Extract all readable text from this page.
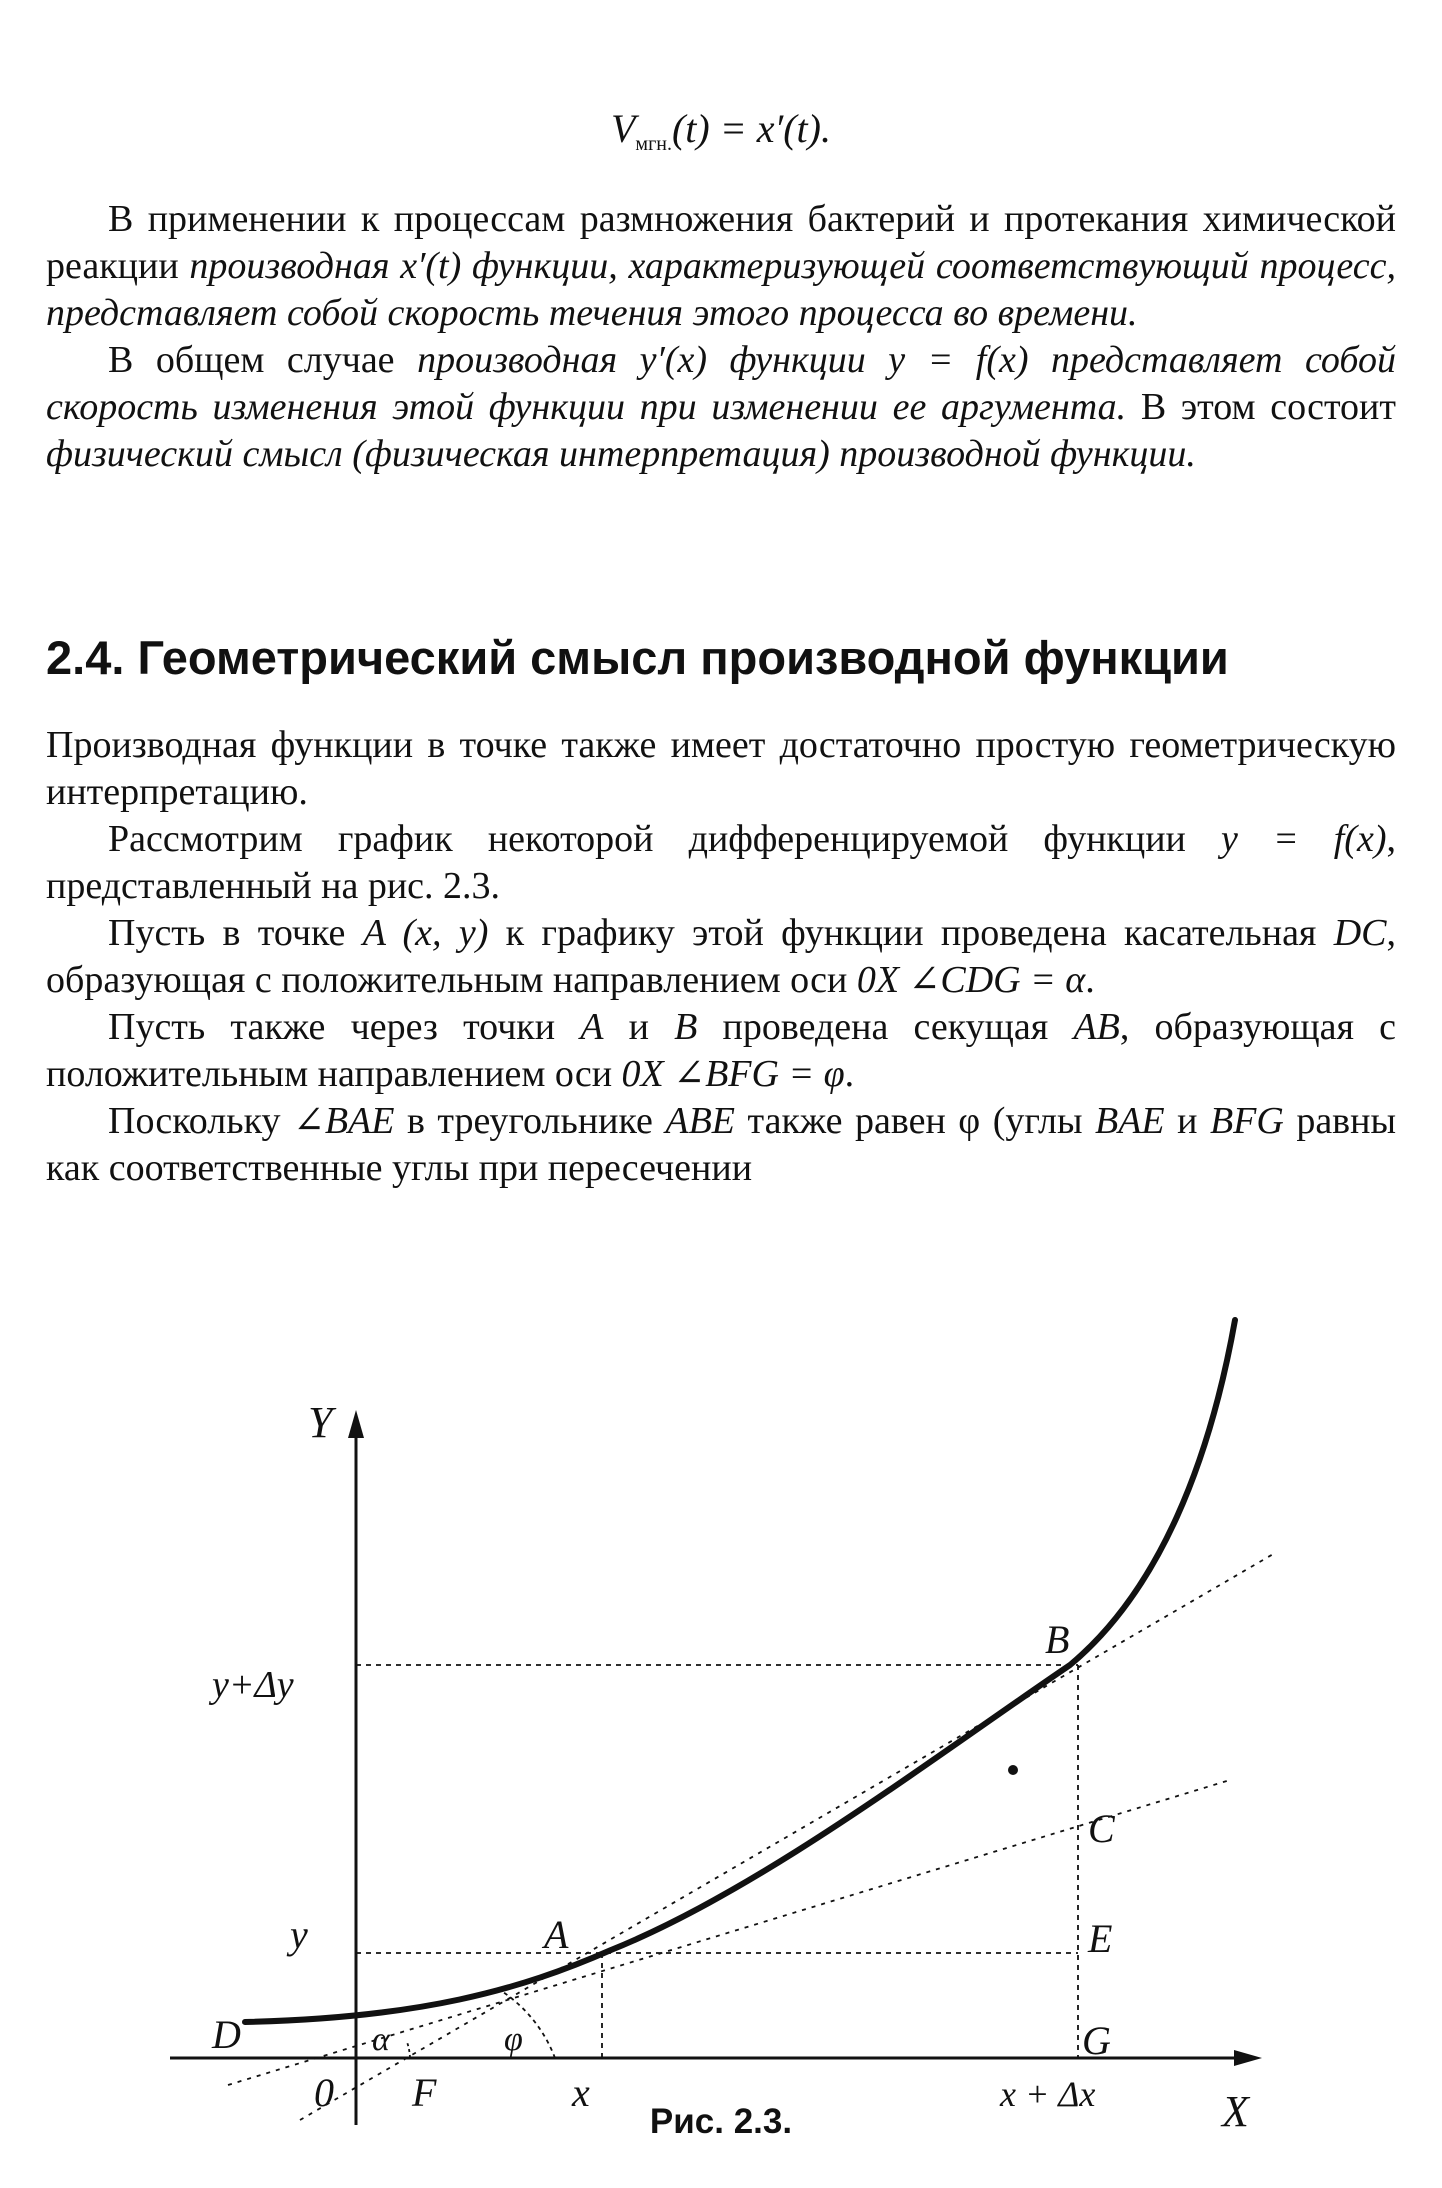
$V_{мгн.}(t) = x'(t)$.

В применении к процессам размножения бактерий и протекания химической реакции производная x′(t) функции, характеризующей соответствующий процесс, представляет собой скорость течения этого процесса во времени.

В общем случае производная y′(x) функции y = f(x) представляет собой скорость изменения этой функции при изменении ее аргумента. В этом состоит физический смысл (физическая интерпретация) производной функции.

2.4. Геометрический смысл производной функции

Производная функции в точке также имеет достаточно простую геометрическую интерпретацию.

Рассмотрим график некоторой дифференцируемой функции y = f(x), представленный на рис. 2.3.

Пусть в точке A (x, y) к графику этой функции проведена касательная DC, образующая с положительным направлением оси 0X ∠CDG = α.

Пусть также через точки A и B проведена секущая AB, образующая с положительным направлением оси 0X ∠BFG = φ.

Поскольку ∠BAE в треугольнике ABE также равен φ (углы BAE и BFG равны как соответственные углы при пересечении

Y
X
0
D
F	x	x + Δx
A
B
C
E
G
y
y+Δy
α	φ
Рис. 2.3.
